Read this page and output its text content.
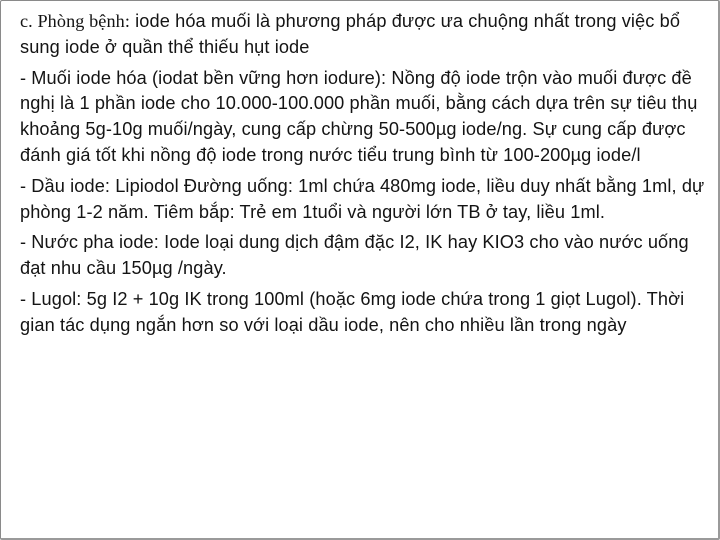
c. Phòng bệnh: iode hóa muối là phương pháp được ưa chuộng nhất trong việc bổ sung iode ở quần thể thiếu hụt iode

- Muối iode hóa (iodat bền vững hơn iodure): Nồng độ iode trộn vào muối được đề nghị là 1 phần iode cho 10.000-100.000 phần muối, bằng cách dựa trên sự tiêu thụ khoảng 5g-10g muối/ngày, cung cấp chừng 50-500µg iode/ng. Sự cung cấp được đánh giá tốt khi nồng độ iode trong nước tiểu trung bình từ 100-200µg iode/l

- Dầu iode: Lipiodol Đường uống: 1ml chứa 480mg iode, liều duy nhất bằng 1ml, dự phòng 1-2 năm. Tiêm bắp: Trẻ em 1tuổi và người lớn TB ở tay, liều 1ml.

- Nước pha iode: Iode loại dung dịch đậm đặc I2, IK hay KIO3 cho vào nước uống đạt nhu cầu 150µg /ngày.

- Lugol: 5g I2 + 10g IK trong 100ml (hoặc 6mg iode chứa trong 1 giọt Lugol). Thời gian tác dụng ngắn hơn so với loại dầu iode, nên cho nhiều lần trong ngày
